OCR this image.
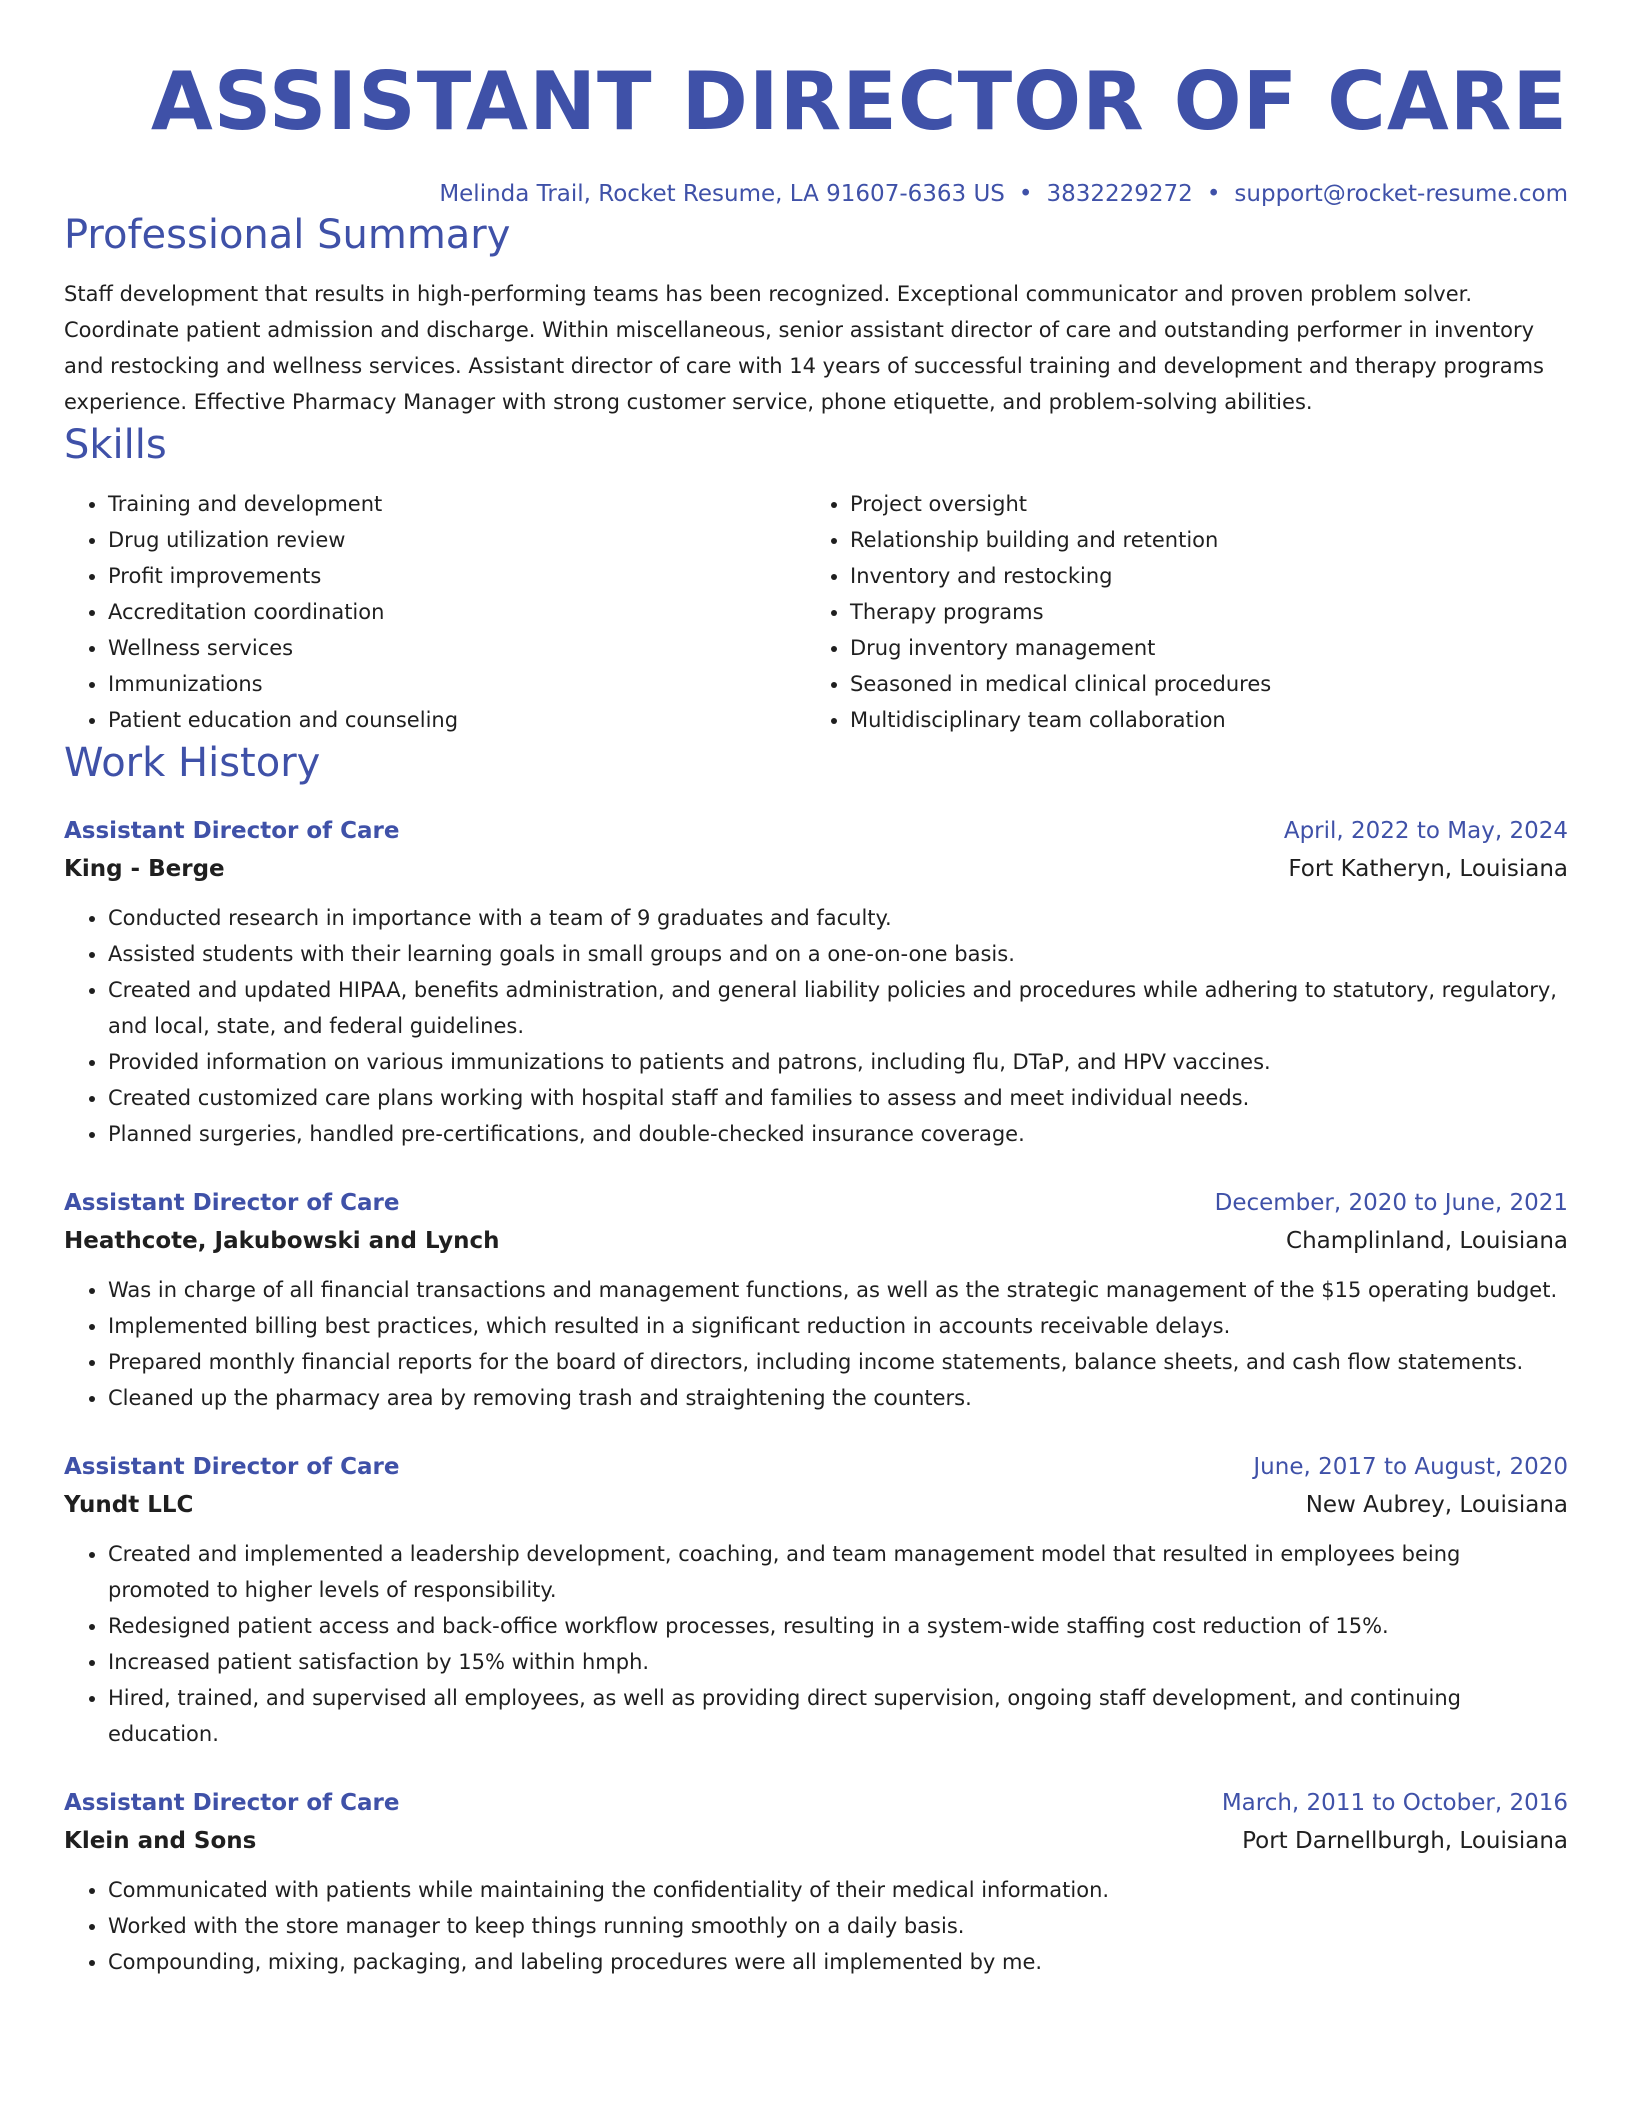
ASSISTANT DIRECTOR OF CARE
Melinda Trail, Rocket Resume, LA 91607-6363 US • 3832229272 • support@rocket-resume.com
Professional Summary
Staff development that results in high-performing teams has been recognized. Exceptional communicator and proven problem solver. Coordinate patient admission and discharge. Within miscellaneous, senior assistant director of care and outstanding performer in inventory and restocking and wellness services. Assistant director of care with 14 years of successful training and development and therapy programs experience. Effective Pharmacy Manager with strong customer service, phone etiquette, and problem-solving abilities.
Skills
• Training and development
• Drug utilization review
• Profit improvements
• Accreditation coordination
• Wellness services
• Immunizations
• Patient education and counseling
• Project oversight
• Relationship building and retention
• Inventory and restocking
• Therapy programs
• Drug inventory management
• Seasoned in medical clinical procedures
• Multidisciplinary team collaboration
Work History
Assistant Director of Care	April, 2022 to May, 2024
King - Berge	Fort Katheryn, Louisiana
• Conducted research in importance with a team of 9 graduates and faculty.
• Assisted students with their learning goals in small groups and on a one-on-one basis.
• Created and updated HIPAA, benefits administration, and general liability policies and procedures while adhering to statutory, regulatory, and local, state, and federal guidelines.
• Provided information on various immunizations to patients and patrons, including flu, DTaP, and HPV vaccines.
• Created customized care plans working with hospital staff and families to assess and meet individual needs.
• Planned surgeries, handled pre-certifications, and double-checked insurance coverage.
Assistant Director of Care	December, 2020 to June, 2021
Heathcote, Jakubowski and Lynch	Champlinland, Louisiana
• Was in charge of all financial transactions and management functions, as well as the strategic management of the $15 operating budget.
• Implemented billing best practices, which resulted in a significant reduction in accounts receivable delays.
• Prepared monthly financial reports for the board of directors, including income statements, balance sheets, and cash flow statements.
• Cleaned up the pharmacy area by removing trash and straightening the counters.
Assistant Director of Care	June, 2017 to August, 2020
Yundt LLC	New Aubrey, Louisiana
• Created and implemented a leadership development, coaching, and team management model that resulted in employees being promoted to higher levels of responsibility.
• Redesigned patient access and back-office workflow processes, resulting in a system-wide staffing cost reduction of 15%.
• Increased patient satisfaction by 15% within hmph.
• Hired, trained, and supervised all employees, as well as providing direct supervision, ongoing staff development, and continuing education.
Assistant Director of Care	March, 2011 to October, 2016
Klein and Sons	Port Darnellburgh, Louisiana
• Communicated with patients while maintaining the confidentiality of their medical information.
• Worked with the store manager to keep things running smoothly on a daily basis.
• Compounding, mixing, packaging, and labeling procedures were all implemented by me.
